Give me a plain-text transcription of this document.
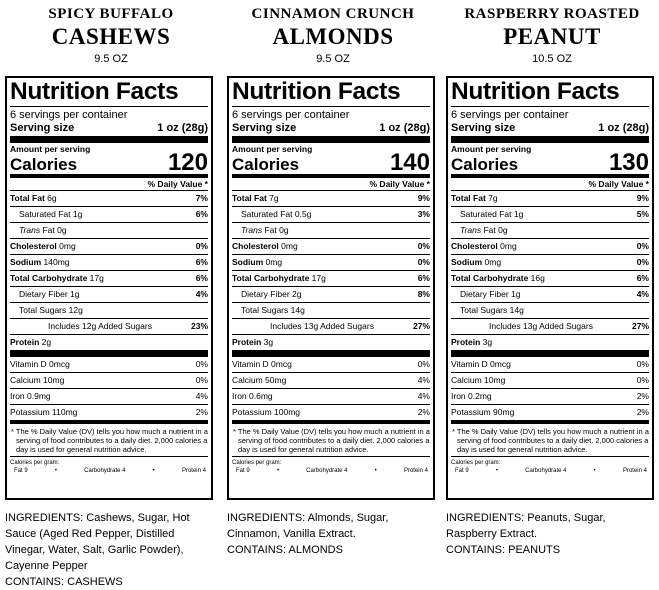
SPICY BUFFALO
CASHEWS
9.5 OZ
Nutrition Facts
6 servings per container
Serving size	1 oz (28g)
Amount per serving
Calories	120
% Daily Value *
Total Fat 6g	7%
Saturated Fat 1g	6%
Trans Fat 0g
Cholesterol 0mg	0%
Sodium 140mg	6%
Total Carbohydrate 17g	6%
Dietary Fiber 1g	4%
Total Sugars 12g
Includes 12g Added Sugars	23%
Protein 2g
Vitamin D 0mcg	0%
Calcium 10mg	0%
Iron 0.9mg	4%
Potassium 110mg	2%
* The % Daily Value (DV) tells you how much a nutrient in a serving of food contributes to a daily diet. 2,000 calories a day is used for general nutrition advice.
Calories per gram:
Fat 9	•	Carbohydrate 4	•	Protein 4
INGREDIENTS: Cashews, Sugar, Hot
Sauce (Aged Red Pepper, Distilled
Vinegar, Water, Salt, Garlic Powder),
Cayenne Pepper
CONTAINS: CASHEWS
CINNAMON CRUNCH
ALMONDS
9.5 OZ
Nutrition Facts
6 servings per container
Serving size	1 oz (28g)
Amount per serving
Calories	140
% Daily Value *
Total Fat 7g	9%
Saturated Fat 0.5g	3%
Trans Fat 0g
Cholesterol 0mg	0%
Sodium 0mg	0%
Total Carbohydrate 17g	6%
Dietary Fiber 2g	8%
Total Sugars 14g
Includes 13g Added Sugars	27%
Protein 3g
Vitamin D 0mcg	0%
Calcium 50mg	4%
Iron 0.6mg	4%
Potassium 100mg	2%
* The % Daily Value (DV) tells you how much a nutrient in a serving of food contributes to a daily diet. 2,000 calories a day is used for general nutrition advice.
Calories per gram:
Fat 9	•	Carbohydrate 4	•	Protein 4
INGREDIENTS: Almonds, Sugar,
Cinnamon, Vanilla Extract.
CONTAINS: ALMONDS
RASPBERRY ROASTED
PEANUT
10.5 OZ
Nutrition Facts
6 servings per container
Serving size	1 oz (28g)
Amount per serving
Calories	130
% Daily Value *
Total Fat 7g	9%
Saturated Fat 1g	5%
Trans Fat 0g
Cholesterol 0mg	0%
Sodium 0mg	0%
Total Carbohydrate 16g	6%
Dietary Fiber 1g	4%
Total Sugars 14g
Includes 13g Added Sugars	27%
Protein 3g
Vitamin D 0mcg	0%
Calcium 10mg	0%
Iron 0.2mg	2%
Potassium 90mg	2%
* The % Daily Value (DV) tells you how much a nutrient in a serving of food contributes to a daily diet. 2,000 calories a day is used for general nutrition advice.
Calories per gram:
Fat 9	•	Carbohydrate 4	•	Protein 4
INGREDIENTS: Peanuts, Sugar,
Raspberry Extract.
CONTAINS: PEANUTS
